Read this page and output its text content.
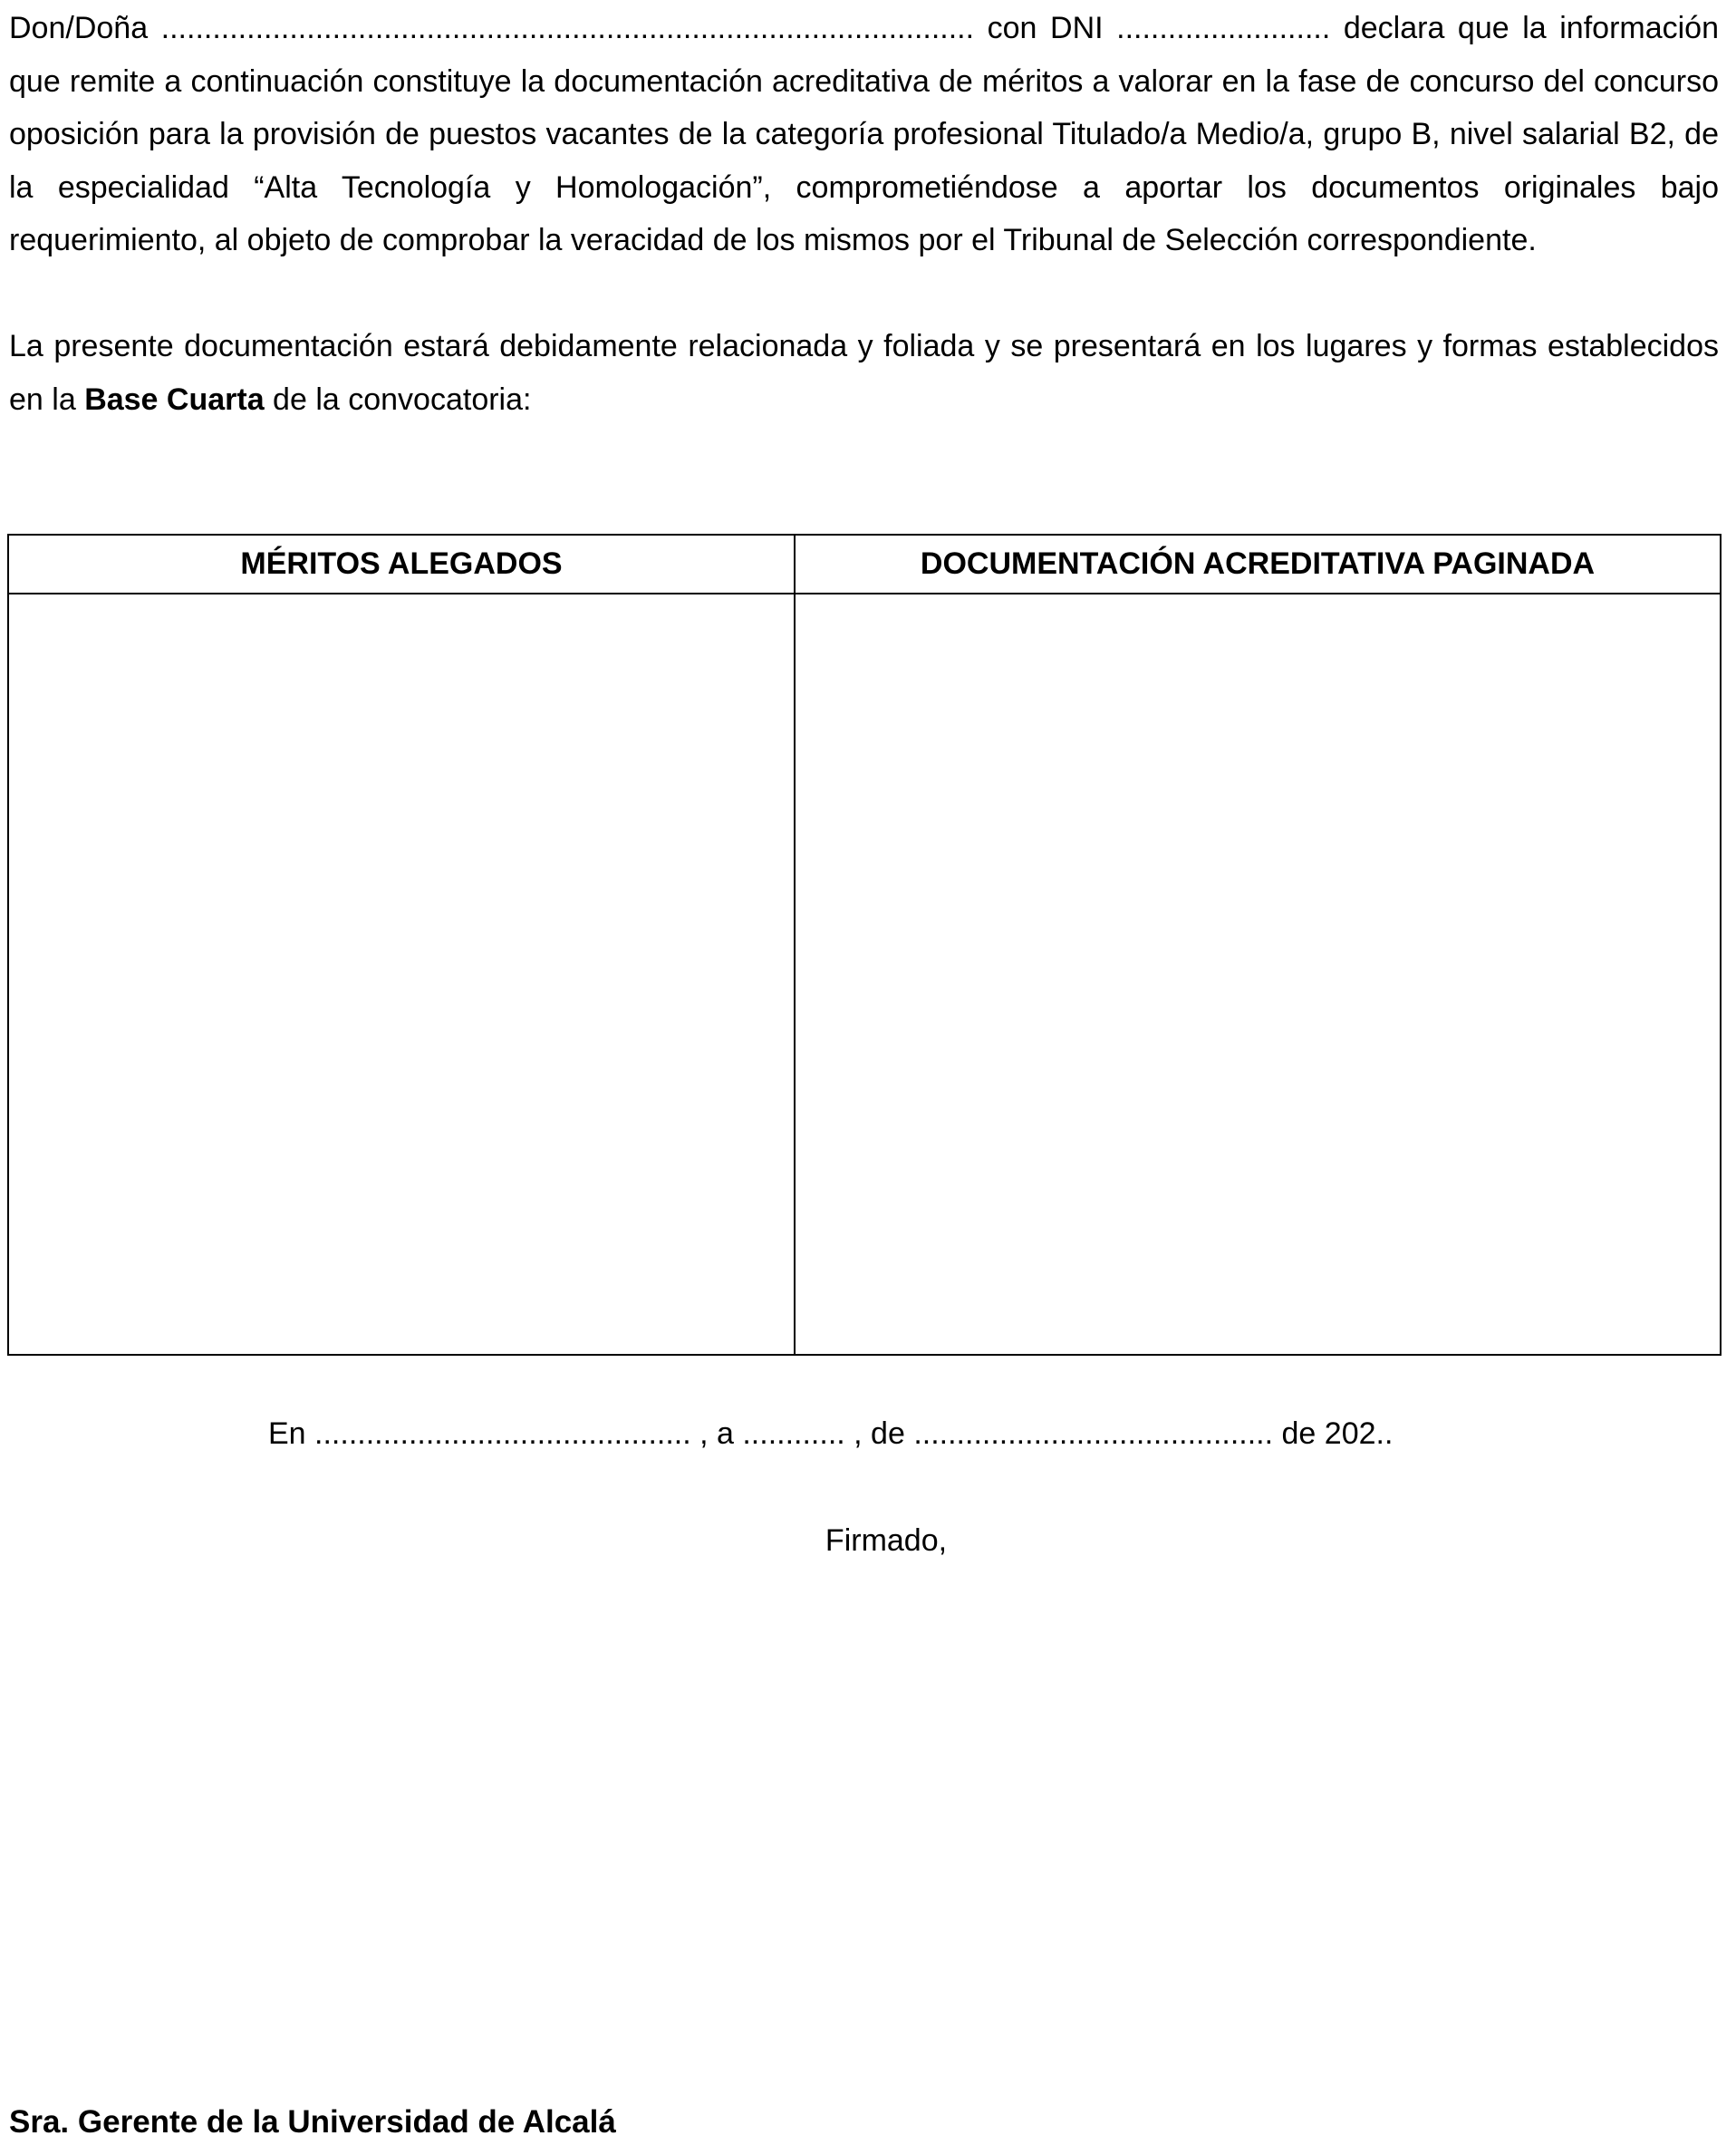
Don/Doña ............................................................................................... con DNI ......................... declara que la información que remite a continuación constituye la documentación acreditativa de méritos a valorar en la fase de concurso del concurso oposición para la provisión de puestos vacantes de la categoría profesional Titulado/a Medio/a, grupo B, nivel salarial B2, de la especialidad “Alta Tecnología y Homologación”, comprometiéndose a aportar los documentos originales bajo requerimiento, al objeto de comprobar la veracidad de los mismos por el Tribunal de Selección correspondiente.

La presente documentación estará debidamente relacionada y foliada y se presentará en los lugares y formas establecidos en la Base Cuarta de la convocatoria:

MÉRITOS ALEGADOS	DOCUMENTACIÓN ACREDITATIVA PAGINADA

En ............................................ , a ............ , de .......................................... de 202..
Firmado,
Sra. Gerente de la Universidad de Alcalá
